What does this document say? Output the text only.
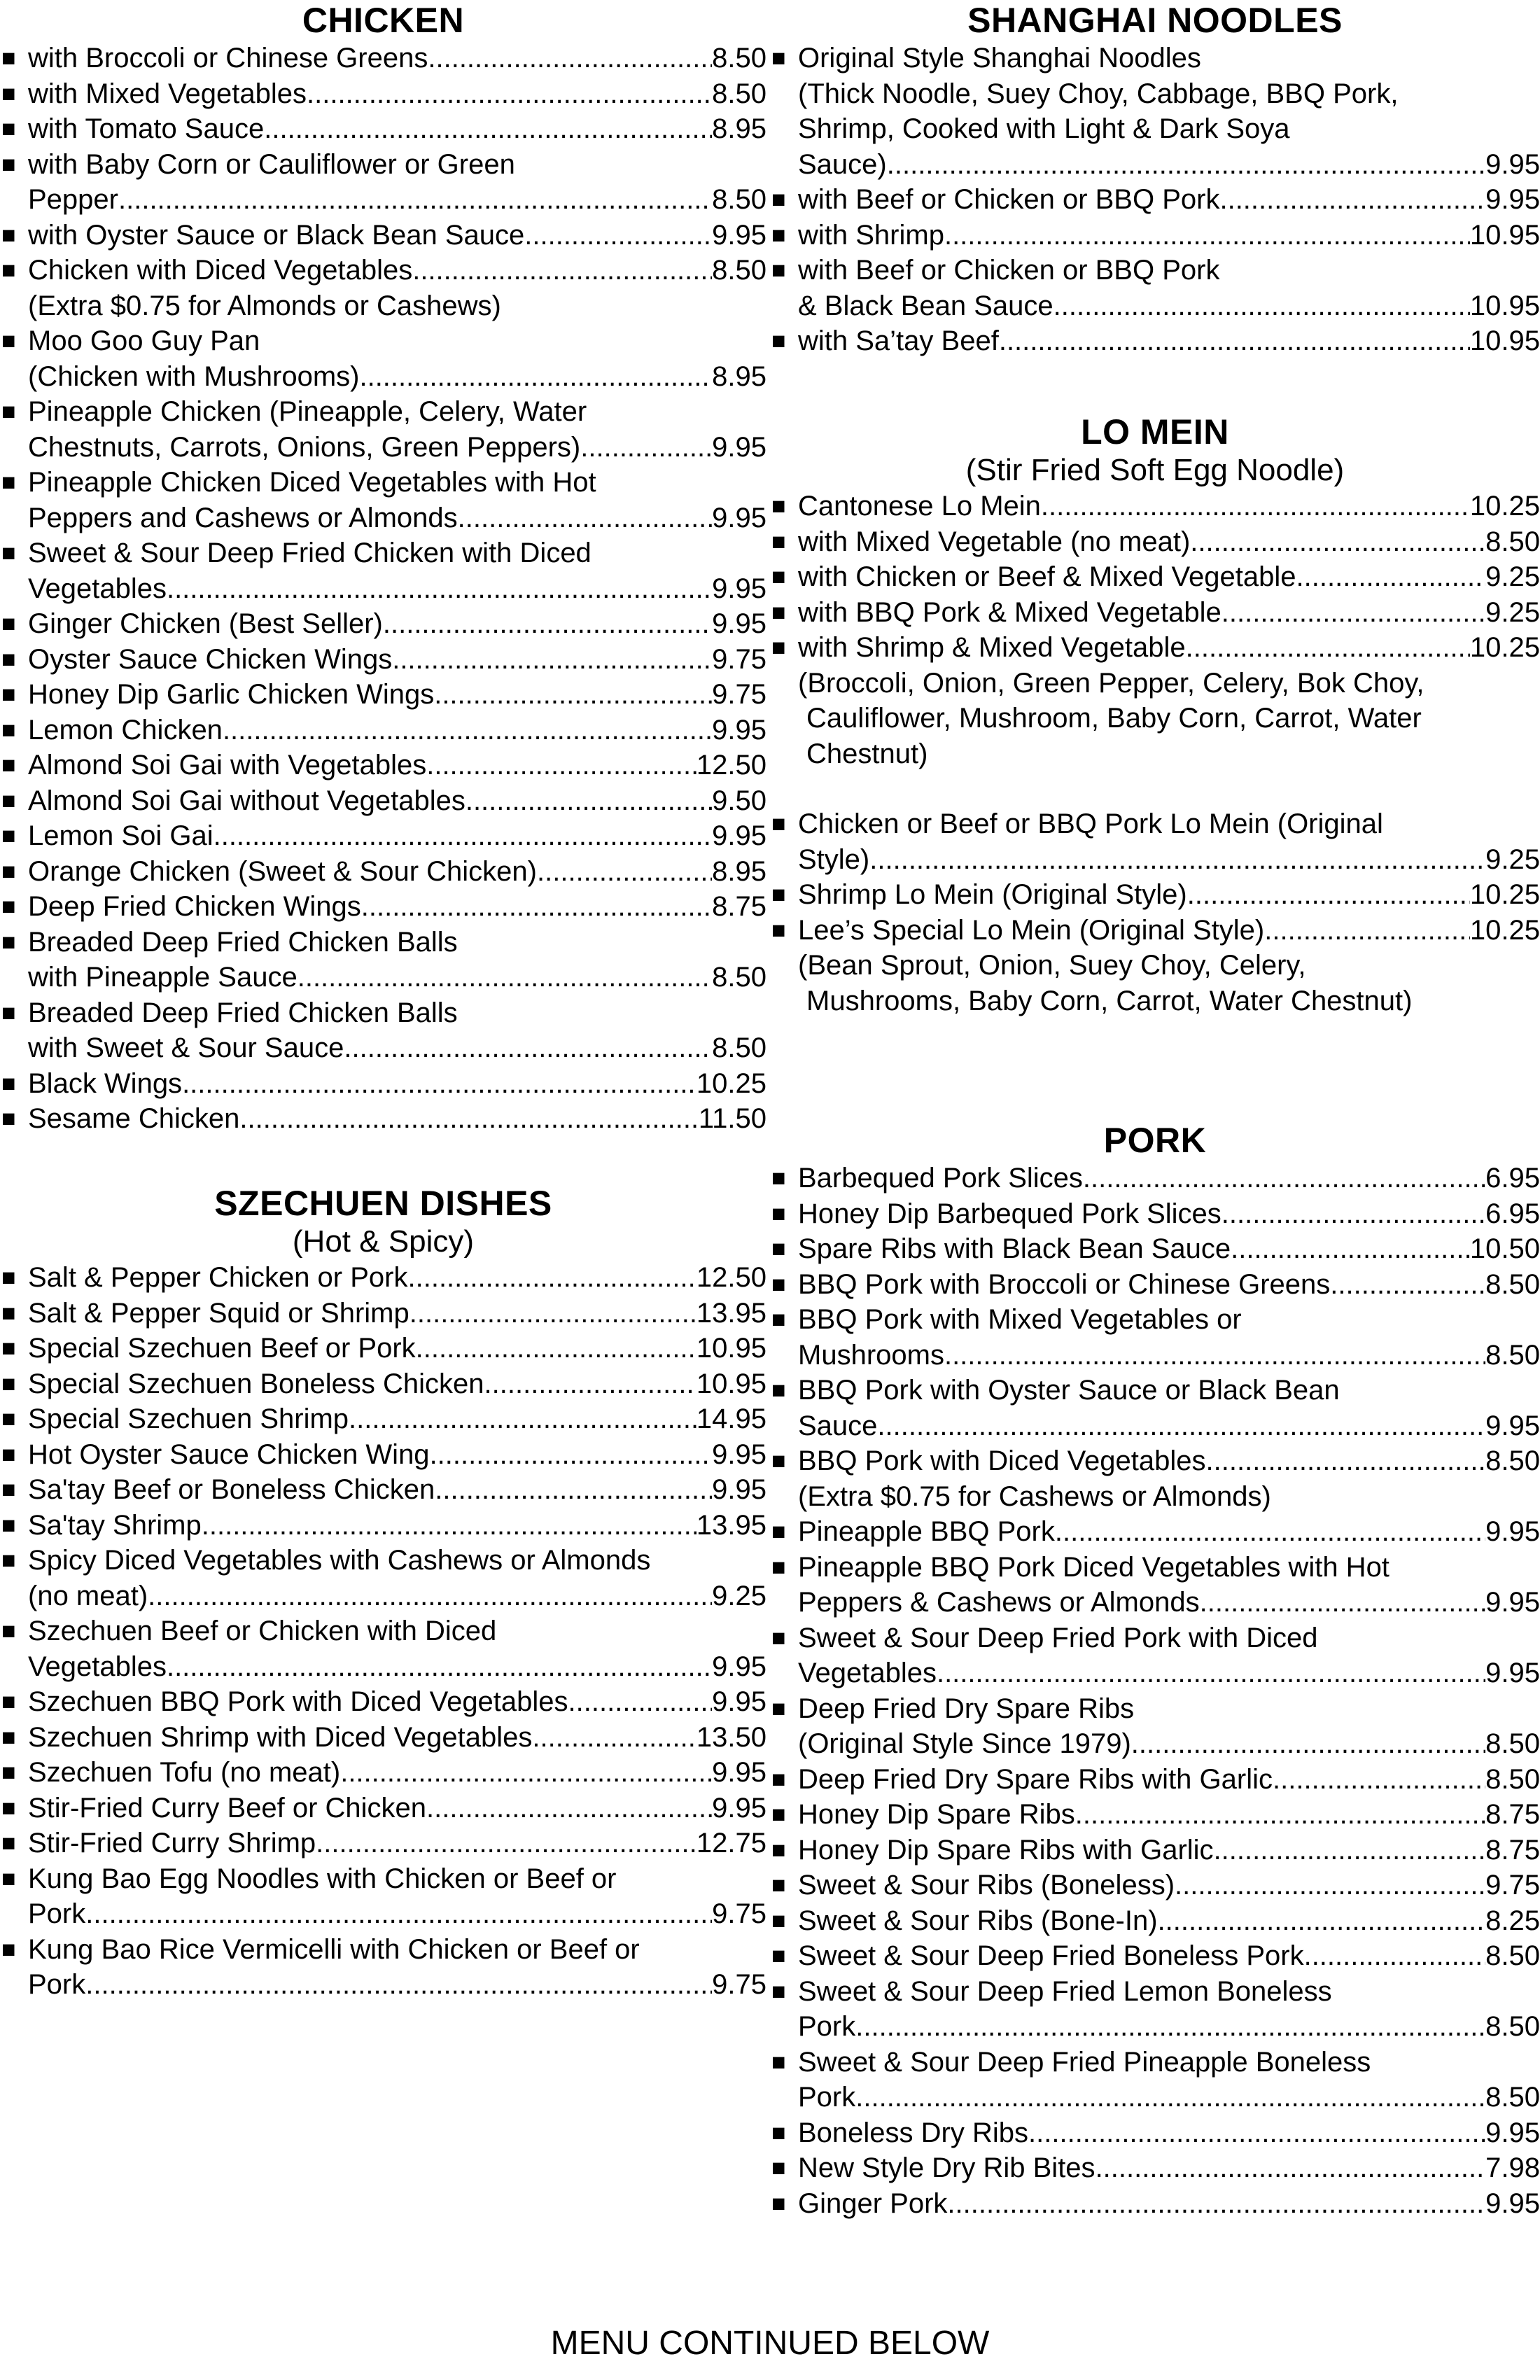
CHICKEN
■ with Broccoli or Chinese Greens .....	8.50
■ with Mixed Vegetables .....	8.50
■ with Tomato Sauce .....	8.95
■ with Baby Corn or Cauliflower or Green
Pepper .....	8.50
■ with Oyster Sauce or Black Bean Sauce .....	9.95
■ Chicken with Diced Vegetables .....	8.50
(Extra $0.75 for Almonds or Cashews)
■ Moo Goo Guy Pan
(Chicken with Mushrooms) .....	8.95
■ Pineapple Chicken (Pineapple, Celery, Water
Chestnuts, Carrots, Onions, Green Peppers) .....	9.95
■ Pineapple Chicken Diced Vegetables with Hot
Peppers and Cashews or Almonds .....	9.95
■ Sweet & Sour Deep Fried Chicken with Diced
Vegetables .....	9.95
■ Ginger Chicken (Best Seller) .....	9.95
■ Oyster Sauce Chicken Wings .....	9.75
■ Honey Dip Garlic Chicken Wings .....	9.75
■ Lemon Chicken .....	9.95
■ Almond Soi Gai with Vegetables .....	12.50
■ Almond Soi Gai without Vegetables .....	9.50
■ Lemon Soi Gai .....	9.95
■ Orange Chicken (Sweet & Sour Chicken) .....	8.95
■ Deep Fried Chicken Wings .....	8.75
■ Breaded Deep Fried Chicken Balls
with Pineapple Sauce .....	8.50
■ Breaded Deep Fried Chicken Balls
with Sweet & Sour Sauce .....	8.50
■ Black Wings .....	10.25
■ Sesame Chicken .....	11.50
SZECHUEN DISHES

(Hot & Spicy)

■ Salt & Pepper Chicken or Pork .....	12.50
■ Salt & Pepper Squid or Shrimp .....	13.95
■ Special Szechuen Beef or Pork .....	10.95
■ Special Szechuen Boneless Chicken .....	10.95
■ Special Szechuen Shrimp .....	14.95
■ Hot Oyster Sauce Chicken Wing .....	9.95
■ Sa'tay Beef or Boneless Chicken .....	9.95
■ Sa'tay Shrimp .....	13.95
■ Spicy Diced Vegetables with Cashews or Almonds
(no meat) .....	9.25
■ Szechuen Beef or Chicken with Diced
Vegetables .....	9.95
■ Szechuen BBQ Pork with Diced Vegetables .....	9.95
■ Szechuen Shrimp with Diced Vegetables .....	13.50
■ Szechuen Tofu (no meat) .....	9.95
■ Stir-Fried Curry Beef or Chicken .....	9.95
■ Stir-Fried Curry Shrimp .....	12.75
■ Kung Bao Egg Noodles with Chicken or Beef or
Pork .....	9.75
■ Kung Bao Rice Vermicelli with Chicken or Beef or
Pork .....	9.75
SHANGHAI NOODLES
■ Original Style Shanghai Noodles
(Thick Noodle, Suey Choy, Cabbage, BBQ Pork,
Shrimp, Cooked with Light & Dark Soya
Sauce) .....	9.95
■ with Beef or Chicken or BBQ Pork .....	9.95
■ with Shrimp .....	10.95
■ with Beef or Chicken or BBQ Pork
& Black Bean Sauce .....	10.95
■ with Sa’tay Beef .....	10.95
LO MEIN

(Stir Fried Soft Egg Noodle)

■ Cantonese Lo Mein .....	10.25
■ with Mixed Vegetable (no meat) .....	8.50
■ with Chicken or Beef & Mixed Vegetable .....	9.25
■ with BBQ Pork & Mixed Vegetable .....	9.25
■ with Shrimp & Mixed Vegetable .....	10.25
(Broccoli, Onion, Green Pepper, Celery, Bok Choy,
Cauliflower, Mushroom, Baby Corn, Carrot, Water
Chestnut)
■ Chicken or Beef or BBQ Pork Lo Mein (Original
Style) .....	9.25
■ Shrimp Lo Mein (Original Style) .....	10.25
■ Lee’s Special Lo Mein (Original Style) .....	10.25
(Bean Sprout, Onion, Suey Choy, Celery,
Mushrooms, Baby Corn, Carrot, Water Chestnut)
PORK
■ Barbequed Pork Slices .....	6.95
■ Honey Dip Barbequed Pork Slices .....	6.95
■ Spare Ribs with Black Bean Sauce .....	10.50
■ BBQ Pork with Broccoli or Chinese Greens .....	8.50
■ BBQ Pork with Mixed Vegetables or
Mushrooms .....	8.50
■ BBQ Pork with Oyster Sauce or Black Bean
Sauce .....	9.95
■ BBQ Pork with Diced Vegetables .....	8.50
(Extra $0.75 for Cashews or Almonds)
■ Pineapple BBQ Pork .....	9.95
■ Pineapple BBQ Pork Diced Vegetables with Hot
Peppers & Cashews or Almonds .....	9.95
■ Sweet & Sour Deep Fried Pork with Diced
Vegetables .....	9.95
■ Deep Fried Dry Spare Ribs
(Original Style Since 1979) .....	8.50
■ Deep Fried Dry Spare Ribs with Garlic .....	8.50
■ Honey Dip Spare Ribs .....	8.75
■ Honey Dip Spare Ribs with Garlic .....	8.75
■ Sweet & Sour Ribs (Boneless) .....	9.75
■ Sweet & Sour Ribs (Bone-In) .....	8.25
■ Sweet & Sour Deep Fried Boneless Pork .....	8.50
■ Sweet & Sour Deep Fried Lemon Boneless
Pork .....	8.50
■ Sweet & Sour Deep Fried Pineapple Boneless
Pork .....	8.50
■ Boneless Dry Ribs .....	9.95
■ New Style Dry Rib Bites .....	7.98
■ Ginger Pork .....	9.95
MENU CONTINUED BELOW
